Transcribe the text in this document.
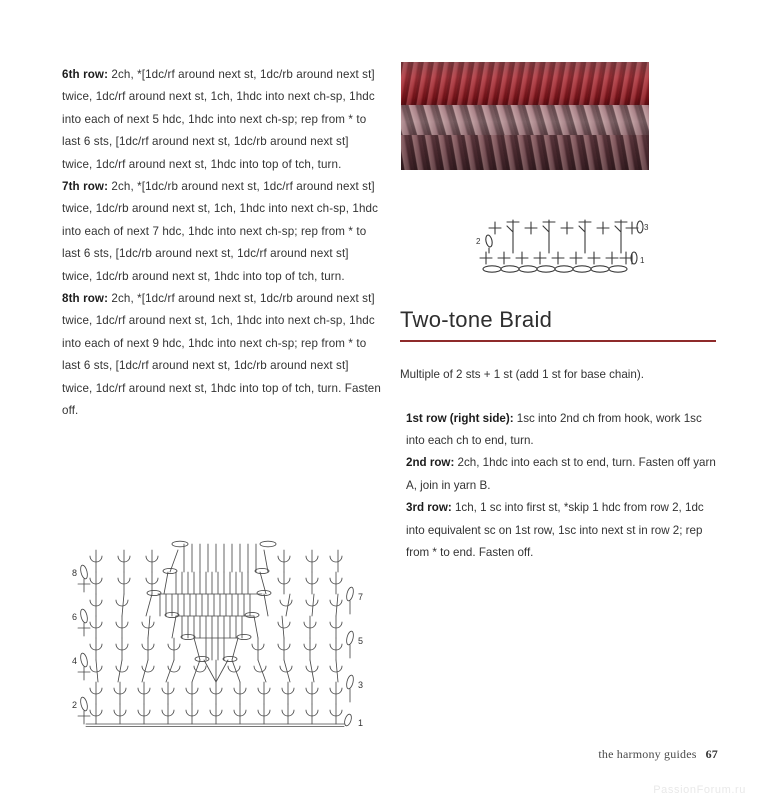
6th row: 2ch, *[1dc/rf around next st, 1dc/rb around next st] twice, 1dc/rf around next st, 1ch, 1hdc into next ch-sp, 1hdc into each of next 5 hdc, 1hdc into next ch-sp; rep from * to last 6 sts, [1dc/rf around next st, 1dc/rb around next st] twice, 1dc/rf around next st, 1hdc into top of tch, turn.

7th row: 2ch, *[1dc/rb around next st, 1dc/rf around next st] twice, 1dc/rb around next st, 1ch, 1hdc into next ch-sp, 1hdc into each of next 7 hdc, 1hdc into next ch-sp; rep from * to last 6 sts, [1dc/rb around next st, 1dc/rf around next st] twice, 1dc/rb around next st, 1hdc into top of tch, turn.

8th row: 2ch, *[1dc/rf around next st, 1dc/rb around next st] twice, 1dc/rf around next st, 1ch, 1hdc into next ch-sp, 1hdc into each of next 9 hdc, 1hdc into next ch-sp; rep from * to last 6 sts, [1dc/rf around next st, 1dc/rb around next st] twice, 1dc/rf around next st, 1hdc into top of tch, turn. Fasten off.

2
3
1
2
4
6
8
1
3
5
7
Two-tone Braid

Multiple of 2 sts + 1 st (add 1 st for base chain).

1st row (right side): 1sc into 2nd ch from hook, work 1sc into each ch to end, turn.

2nd row: 2ch, 1hdc into each st to end, turn. Fasten off yarn A, join in yarn B.

3rd row: 1ch, 1 sc into first st, *skip 1 hdc from row 2, 1dc into equivalent sc on 1st row, 1sc into next st in row 2; rep from * to end. Fasten off.

the harmony guides 67
PassionForum.ru
